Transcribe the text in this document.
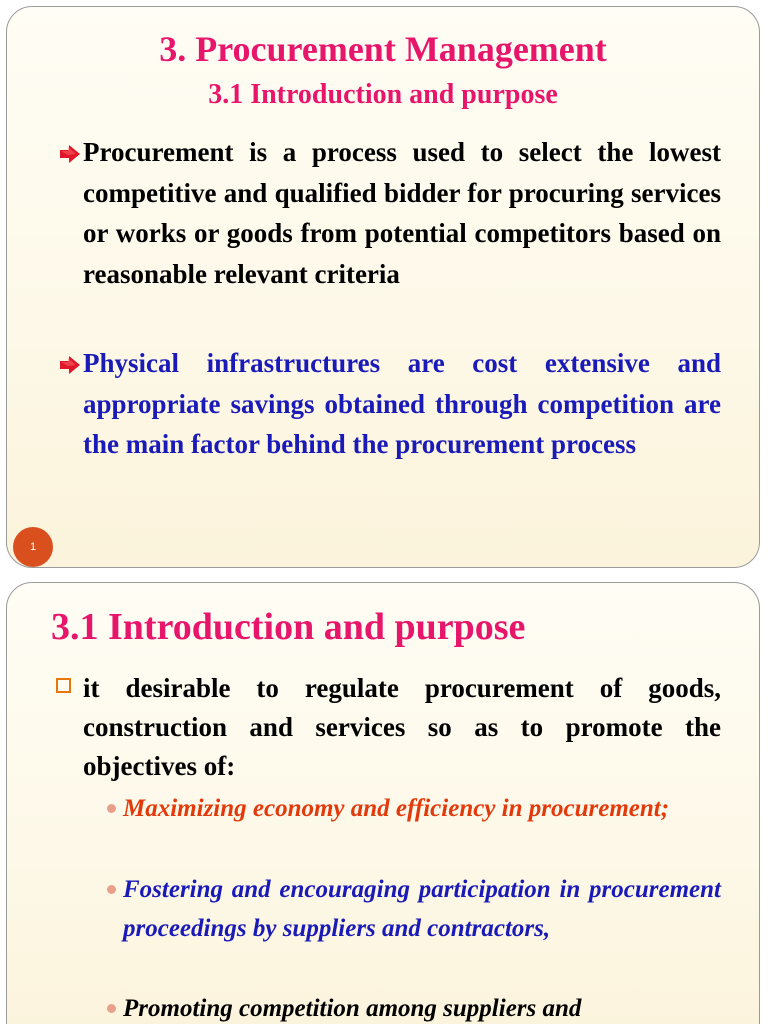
3. Procurement Management
3.1 Introduction and purpose
Procurement is a process used to select the lowest competitive and qualified bidder for procuring services or works or goods from potential competitors based on reasonable relevant criteria
Physical infrastructures are cost extensive and appropriate savings obtained through competition are the main factor behind the procurement process
1
3.1 Introduction and purpose
it desirable to regulate procurement of goods, construction and services so as to promote the objectives of:
Maximizing economy and efficiency in procurement;
Fostering and encouraging participation in procurement proceedings by suppliers and contractors,
Promoting competition among suppliers and
